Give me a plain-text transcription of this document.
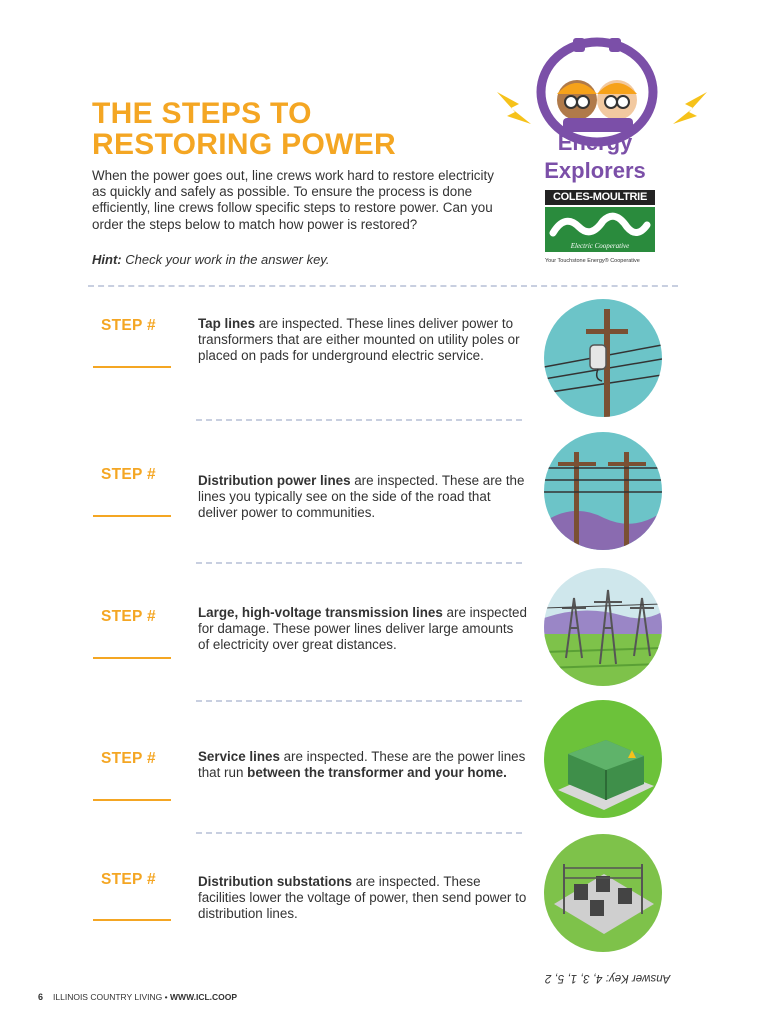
THE STEPS TO
RESTORING POWER

When the power goes out, line crews work hard to restore electricity as quickly and safely as possible. To ensure the process is done efficiently, line crews follow specific steps to restore power. Can you order the steps below to match how power is restored?

Hint: Check your work in the answer key.

Energy
Explorers
COLES-MOULTRIE
Electric Cooperative
Your Touchstone Energy® Cooperative
STEP #	Tap lines are inspected. These lines deliver power to transformers that are either mounted on utility poles or placed on pads for underground electric service.

STEP #	Distribution power lines are inspected. These are the lines you typically see on the side of the road that deliver power to communities.

STEP #	Large, high-voltage transmission lines are inspected for damage. These power lines deliver large amounts of electricity over great distances.

STEP #	Service lines are inspected. These are the power lines that run between the transformer and your home.

STEP #	Distribution substations are inspected. These facilities lower the voltage of power, then send power to distribution lines.

Answer Key: 4, 3, 1, 5, 2
6 ILLINOIS COUNTRY LIVING • WWW.ICL.COOP
